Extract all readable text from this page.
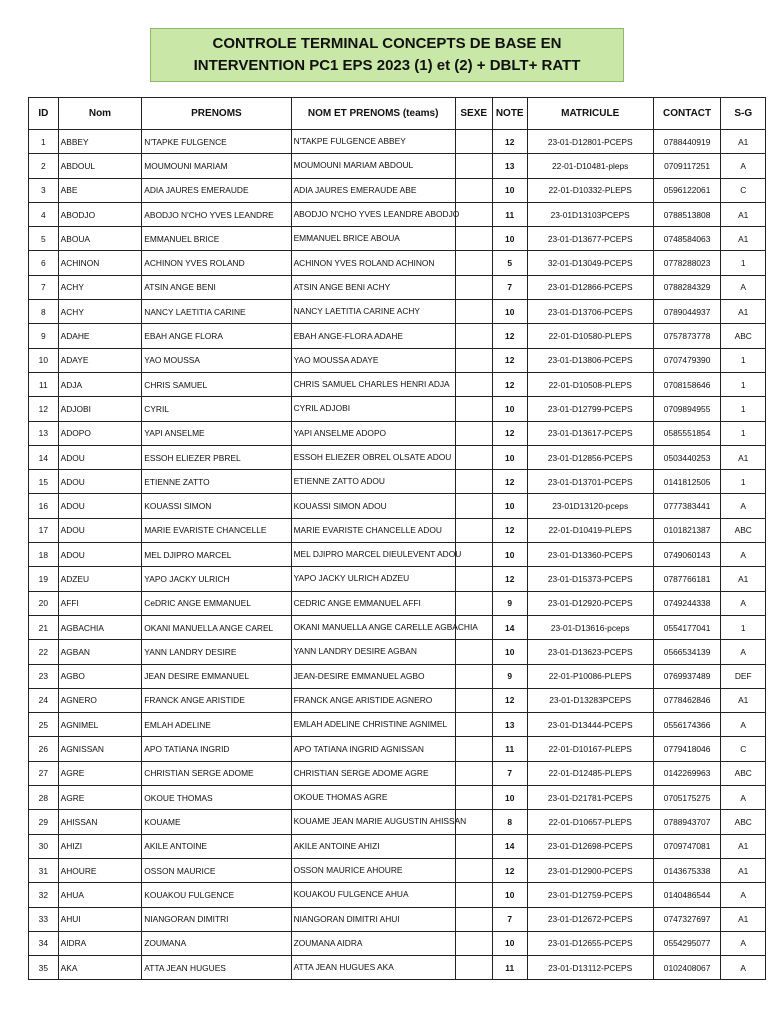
CONTROLE TERMINAL CONCEPTS DE BASE EN
INTERVENTION PC1 EPS 2023 (1) et (2) + DBLT+ RATT
ID	Nom	PRENOMS	NOM ET PRENOMS (teams)	SEXE	NOTE	MATRICULE	CONTACT	S-G
1	ABBEY	N'TAPKE FULGENCE	N'TAKPE FULGENCE ABBEY		12	23-01-D12801-PCEPS	0788440919	A1
2	ABDOUL	MOUMOUNI MARIAM	MOUMOUNI MARIAM ABDOUL		13	22-01-D10481-pleps	0709117251	A
3	ABE	ADIA JAURES EMERAUDE	ADIA JAURES EMERAUDE ABE		10	22-01-D10332-PLEPS	0596122061	C
4	ABODJO	ABODJO N'CHO YVES LEANDRE	ABODJO N'CHO YVES LEANDRE ABODJO		11	23-01D13103PCEPS	0788513808	A1
5	ABOUA	EMMANUEL BRICE	EMMANUEL BRICE ABOUA		10	23-01-D13677-PCEPS	0748584063	A1
6	ACHINON	ACHINON YVES ROLAND	ACHINON YVES ROLAND ACHINON		5	32-01-D13049-PCEPS	0778288023	1
7	ACHY	ATSIN ANGE BENI	ATSIN ANGE BENI ACHY		7	23-01-D12866-PCEPS	0788284329	A
8	ACHY	NANCY LAETITIA CARINE	NANCY LAETITIA CARINE ACHY		10	23-01-D13706-PCEPS	0789044937	A1
9	ADAHE	EBAH ANGE FLORA	EBAH ANGE-FLORA ADAHE		12	22-01-D10580-PLEPS	0757873778	ABC
10	ADAYE	YAO MOUSSA	YAO MOUSSA ADAYE		12	23-01-D13806-PCEPS	0707479390	1
11	ADJA	CHRIS SAMUEL	CHRIS SAMUEL CHARLES HENRI ADJA		12	22-01-D10508-PLEPS	0708158646	1
12	ADJOBI	CYRIL	CYRIL ADJOBI		10	23-01-D12799-PCEPS	0709894955	1
13	ADOPO	YAPI ANSELME	YAPI ANSELME ADOPO		12	23-01-D13617-PCEPS	0585551854	1
14	ADOU	ESSOH ELIEZER PBREL	ESSOH ELIEZER OBREL OLSATE ADOU		10	23-01-D12856-PCEPS	0503440253	A1
15	ADOU	ETIENNE ZATTO	ETIENNE ZATTO ADOU		12	23-01-D13701-PCEPS	0141812505	1
16	ADOU	KOUASSI SIMON	KOUASSI SIMON ADOU		10	23-01D13120-pceps	0777383441	A
17	ADOU	MARIE EVARISTE CHANCELLE	MARIE EVARISTE CHANCELLE ADOU		12	22-01-D10419-PLEPS	0101821387	ABC
18	ADOU	MEL DJIPRO MARCEL	MEL DJIPRO MARCEL DIEULEVENT ADOU		10	23-01-D13360-PCEPS	0749060143	A
19	ADZEU	YAPO JACKY ULRICH	YAPO JACKY ULRICH ADZEU		12	23-01-D15373-PCEPS	0787766181	A1
20	AFFI	CeDRIC ANGE EMMANUEL	CEDRIC ANGE EMMANUEL AFFI		9	23-01-D12920-PCEPS	0749244338	A
21	AGBACHIA	OKANI MANUELLA ANGE CAREL	OKANI MANUELLA ANGE CARELLE AGBACHIA		14	23-01-D13616-pceps	0554177041	1
22	AGBAN	YANN LANDRY DESIRE	YANN LANDRY DESIRE AGBAN		10	23-01-D13623-PCEPS	0566534139	A
23	AGBO	JEAN DESIRE EMMANUEL	JEAN-DESIRE EMMANUEL AGBO		9	22-01-P10086-PLEPS	0769937489	DEF
24	AGNERO	FRANCK ANGE ARISTIDE	FRANCK ANGE ARISTIDE AGNERO		12	23-01-D13283PCEPS	0778462846	A1
25	AGNIMEL	EMLAH ADELINE	EMLAH ADELINE CHRISTINE AGNIMEL		13	23-01-D13444-PCEPS	0556174366	A
26	AGNISSAN	APO TATIANA INGRID	APO TATIANA INGRID AGNISSAN		11	22-01-D10167-PLEPS	0779418046	C
27	AGRE	CHRISTIAN SERGE ADOME	CHRISTIAN SERGE ADOME AGRE		7	22-01-D12485-PLEPS	0142269963	ABC
28	AGRE	OKOUE THOMAS	OKOUE THOMAS AGRE		10	23-01-D21781-PCEPS	0705175275	A
29	AHISSAN	KOUAME	KOUAME JEAN MARIE AUGUSTIN AHISSAN		8	22-01-D10657-PLEPS	0788943707	ABC
30	AHIZI	AKILE ANTOINE	AKILE ANTOINE AHIZI		14	23-01-D12698-PCEPS	0709747081	A1
31	AHOURE	OSSON MAURICE	OSSON MAURICE AHOURE		12	23-01-D12900-PCEPS	0143675338	A1
32	AHUA	KOUAKOU FULGENCE	KOUAKOU FULGENCE AHUA		10	23-01-D12759-PCEPS	0140486544	A
33	AHUI	NIANGORAN DIMITRI	NIANGORAN DIMITRI AHUI		7	23-01-D12672-PCEPS	0747327697	A1
34	AIDRA	ZOUMANA	ZOUMANA AIDRA		10	23-01-D12655-PCEPS	0554295077	A
35	AKA	ATTA JEAN HUGUES	ATTA JEAN HUGUES AKA		11	23-01-D13112-PCEPS	0102408067	A
